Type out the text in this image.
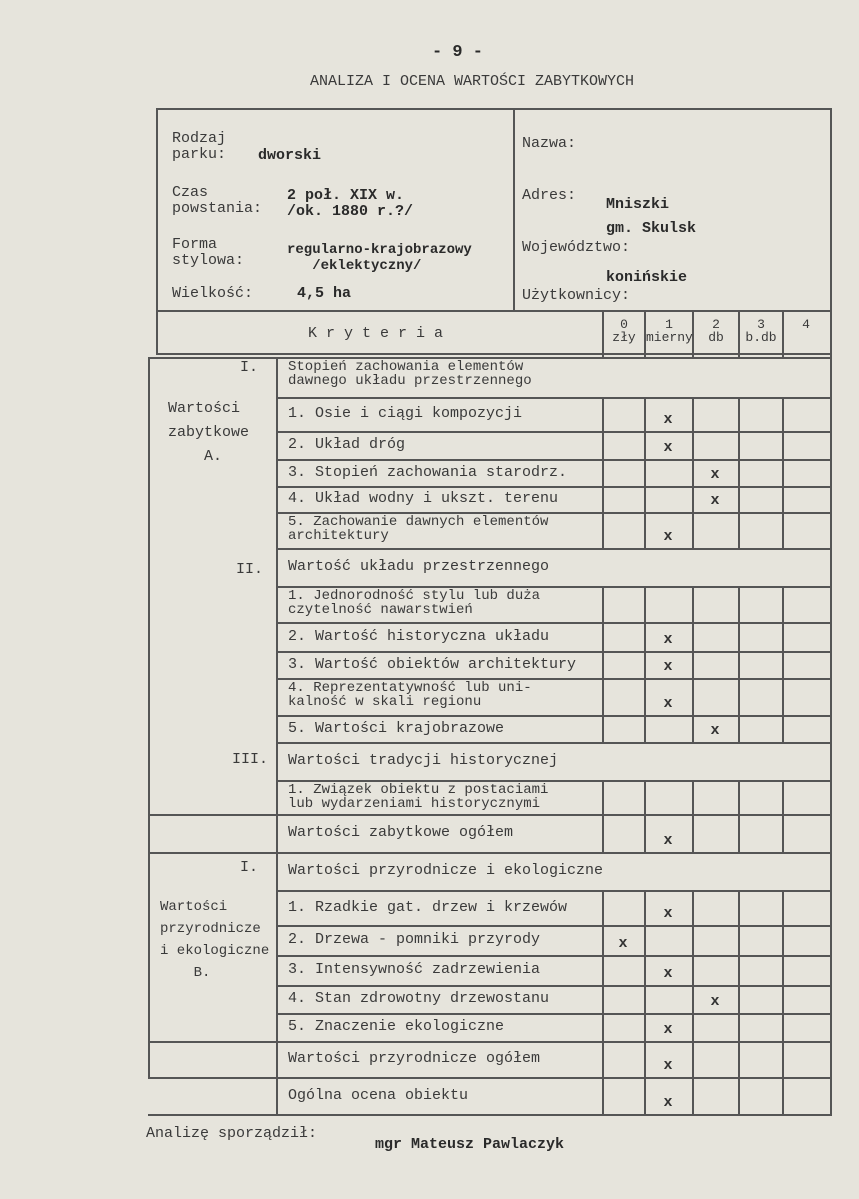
- 9 -
ANALIZA I OCENA WARTOŚCI ZABYTKOWYCH
Rodzaj
parku: dworski
Czas
powstania:
2 poł. XIX w.
/ok. 1880 r.?/
Forma
stylowa:
regularno-krajobrazowy
/eklektyczny/
Wielkość:	4,5 ha
Nazwa:
Adres:
Mniszki
gm. Skulsk
Województwo:
konińskie
Użytkownicy:
K r y t e r i a
0
zły
1
mierny
2
db
3
b.db
4

I.
Wartości
zabytkowe
A.
II.
III.
I.
Wartości
przyrodnicze
i ekologiczne
B.
Stopień zachowania elementów
dawnego układu przestrzennego
1. Osie i ciągi kompozycji
2. Układ dróg
3. Stopień zachowania starodrz.
4. Układ wodny i ukszt. terenu
5. Zachowanie dawnych elementów
architektury
Wartość układu przestrzennego
1. Jednorodność stylu lub duża
czytelność nawarstwień
2. Wartość historyczna układu
3. Wartość obiektów architektury
4. Reprezentatywność lub uni-
kalność w skali regionu
5. Wartości krajobrazowe
Wartości tradycji historycznej
1. Związek obiektu z postaciami
lub wydarzeniami historycznymi
Wartości zabytkowe ogółem
Wartości przyrodnicze i ekologiczne
1. Rzadkie gat. drzew i krzewów
2. Drzewa - pomniki przyrody
3. Intensywność zadrzewienia
4. Stan zdrowotny drzewostanu
5. Znaczenie ekologiczne
Wartości przyrodnicze ogółem
Ogólna ocena obiektu
x
x
x
x
x
x
x
x
x
x
x
x
x
x
x
x
x
Analizę sporządził:
mgr Mateusz Pawlaczyk
